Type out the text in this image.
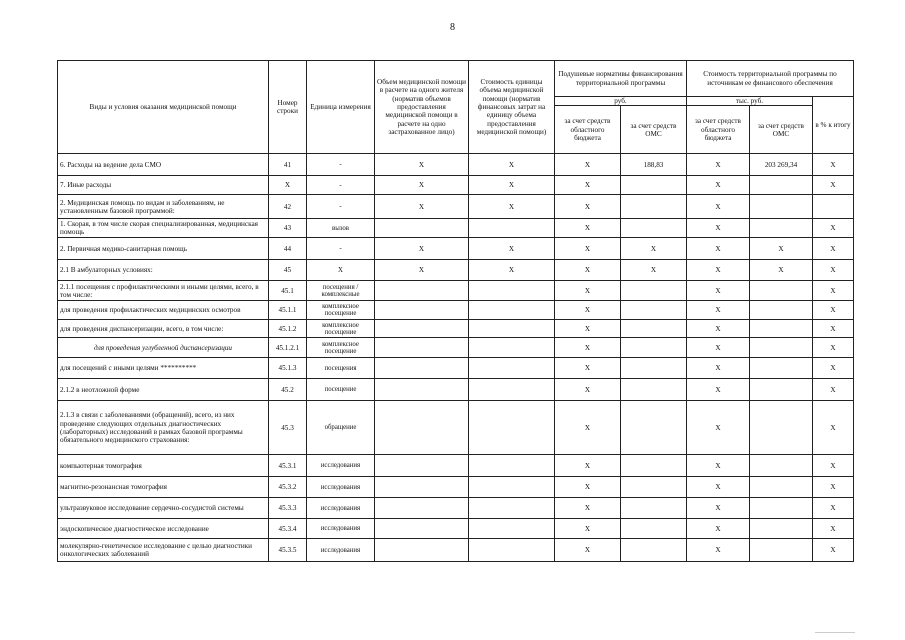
8
Виды и условия оказания медицинской помощи	Номер строки	Единица измерения	Объем медицинской помощи в расчете на одного жителя (норматив объемов предоставления медицинской помощи в расчете на одно застрахованное лицо)	Стоимость единицы объема медицинской помощи (норматив финансовых затрат на единицу объема предоставления медицинской помощи)	Подушевые нормативы финансирования территориальной программы		Стоимость территориальной программы по источникам ее финансового обеспечения		
					руб.		тыс. руб.		в % к итогу
					за счет средств областного бюджета	за счет средств ОМС	за счет средств областного бюджета	за счет средств ОМС	
6. Расходы на ведение дела СМО	41	-	X	X	X	188,83	X	203 269,34	X
7. Иные расходы	X	-	X	X	X		X		X
2. Медицинская помощь по видам и заболеваниям, не установленным базовой программой:	42	-	X	X	X		X		
1. Скорая, в том числе скорая специализированная, медицинская помощь	43	вызов			X		X		X
2. Первичная медико-санитарная помощь	44	-	X	X	X	X	X	X	X
2.1 В амбулаторных условиях:	45	X	X	X	X	X	X	X	X
2.1.1 посещения с профилактическими и иными целями, всего, в том числе:	45.1	посещения / комплексные			X		X		X
для проведения профилактических медицинских осмотров	45.1.1	комплексное посещение			X		X		X
для проведения диспансеризации, всего, в том числе:	45.1.2	комплексное посещение			X		X		X
для проведения углубленной диспансеризации	45.1.2.1	комплексное посещение			X		X		X
для посещений с иными целями **********	45.1.3	посещения			X		X		X
2.1.2 в неотложной форме	45.2	посещение			X		X		X
2.1.3 в связи с заболеваниями (обращений), всего, из них проведение следующих отдельных диагностических (лабораторных) исследований в рамках базовой программы обязательного медицинского страхования:	45.3	обращение			X		X		X
компьютерная томография	45.3.1	исследования			X		X		X
магнитно-резонансная томография	45.3.2	исследования			X		X		X
ультразвуковое исследование сердечно-сосудистой системы	45.3.3	исследования			X		X		X
эндоскопическое диагностическое исследование	45.3.4	исследования			X		X		X
молекулярно-генетическое исследование с целью диагностики онкологических заболеваний	45.3.5	исследования			X		X		X
